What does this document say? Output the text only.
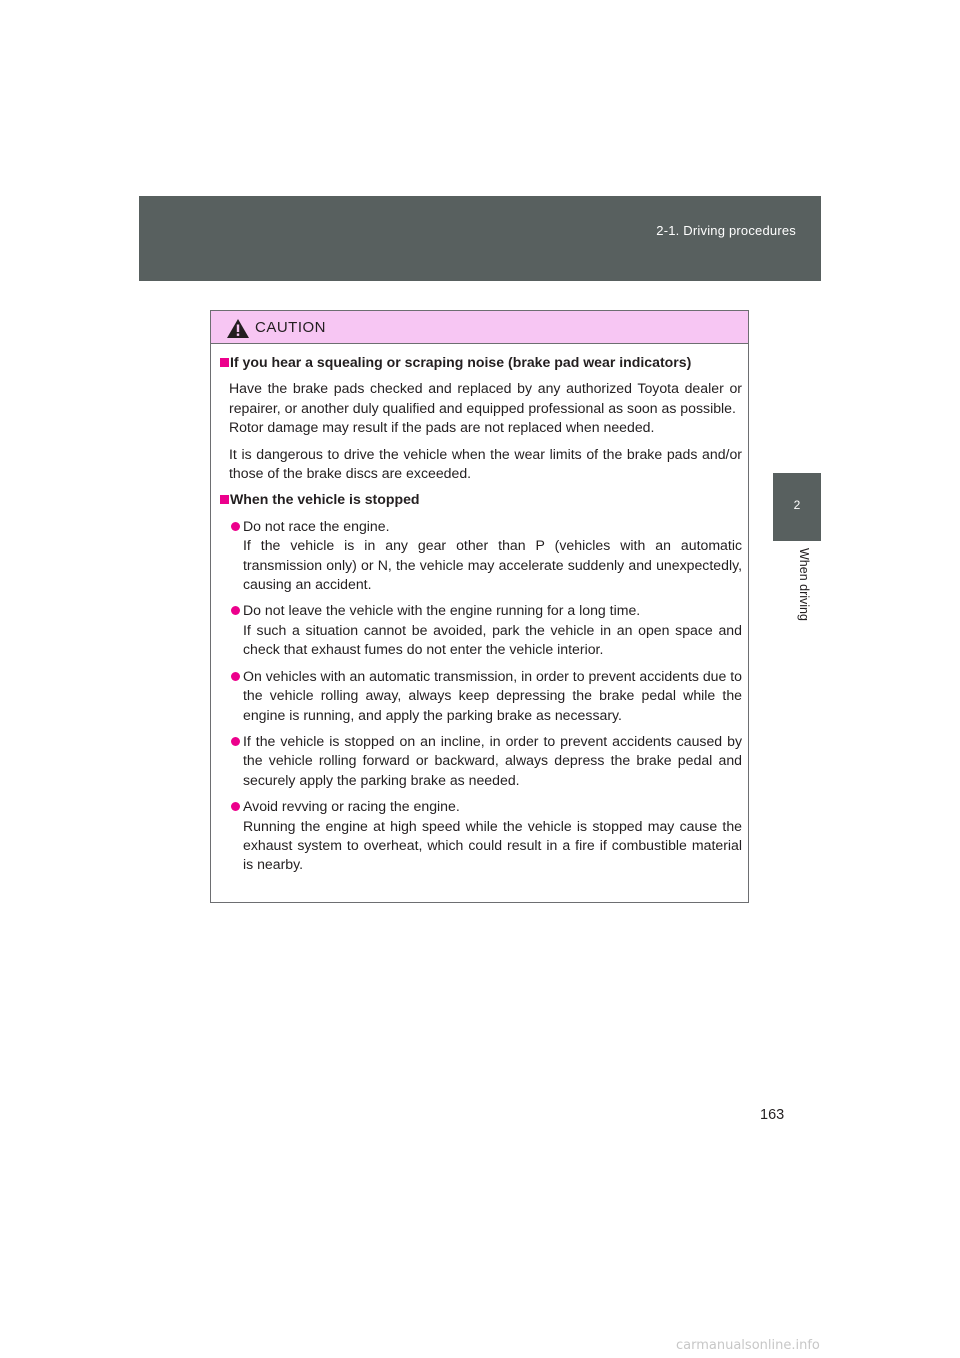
2-1. Driving procedures
2
When driving
CAUTION
If you hear a squealing or scraping noise (brake pad wear indicators)
Have the brake pads checked and replaced by any authorized Toyota dealer or repairer, or another duly qualified and equipped professional as soon as possible.
Rotor damage may result if the pads are not replaced when needed.
It is dangerous to drive the vehicle when the wear limits of the brake pads and/or those of the brake discs are exceeded.
When the vehicle is stopped
Do not race the engine.
If the vehicle is in any gear other than P (vehicles with an automatic transmission only) or N, the vehicle may accelerate suddenly and unexpectedly, causing an accident.
Do not leave the vehicle with the engine running for a long time.
If such a situation cannot be avoided, park the vehicle in an open space and check that exhaust fumes do not enter the vehicle interior.
On vehicles with an automatic transmission, in order to prevent accidents due to the vehicle rolling away, always keep depressing the brake pedal while the engine is running, and apply the parking brake as necessary.
If the vehicle is stopped on an incline, in order to prevent accidents caused by the vehicle rolling forward or backward, always depress the brake pedal and securely apply the parking brake as needed.
Avoid revving or racing the engine.
Running the engine at high speed while the vehicle is stopped may cause the exhaust system to overheat, which could result in a fire if combustible material is nearby.
163
carmanualsonline.info
